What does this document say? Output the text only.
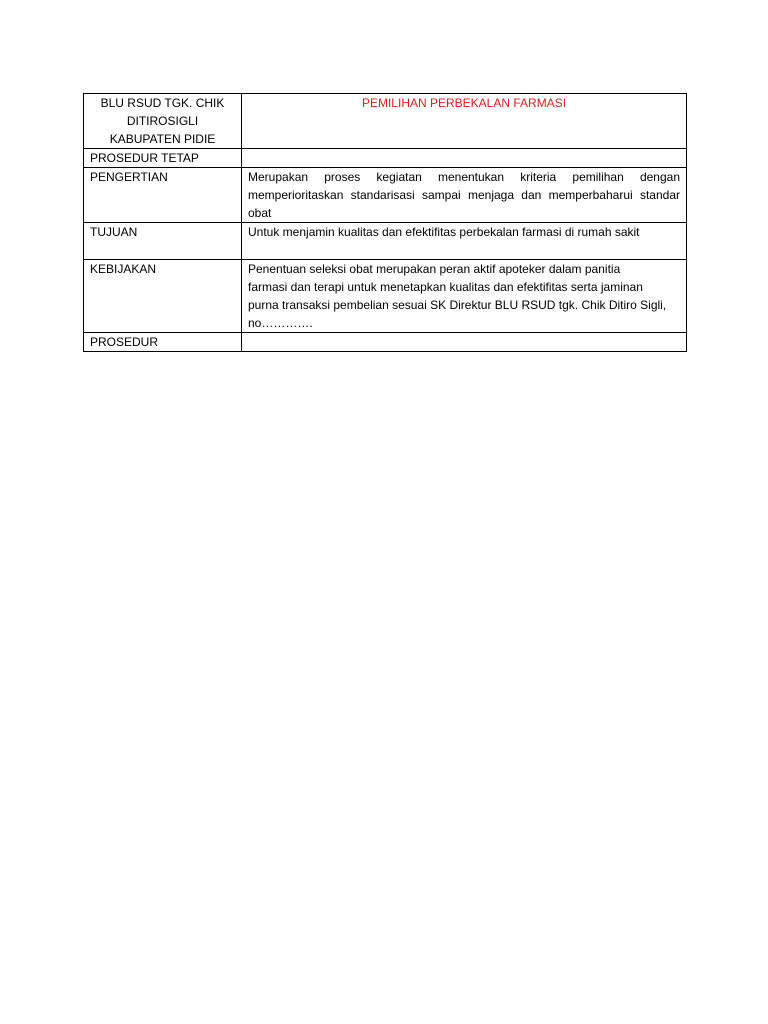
BLU RSUD TGK. CHIK
DITIROSIGLI
KABUPATEN PIDIE	PEMILIHAN PERBEKALAN FARMASI
PROSEDUR TETAP	
PENGERTIAN	Merupakan proses kegiatan menentukan kriteria pemilihan dengan memperioritaskan standarisasi sampai menjaga dan memperbaharui standar obat
TUJUAN	Untuk menjamin kualitas dan efektifitas perbekalan farmasi di rumah sakit
KEBIJAKAN	Penentuan seleksi obat merupakan peran aktif apoteker dalam panitia
farmasi dan terapi untuk menetapkan kualitas dan efektifitas serta jaminan
purna transaksi pembelian sesuai SK Direktur BLU RSUD tgk. Chik Ditiro Sigli,
no………….

PROSEDUR	
